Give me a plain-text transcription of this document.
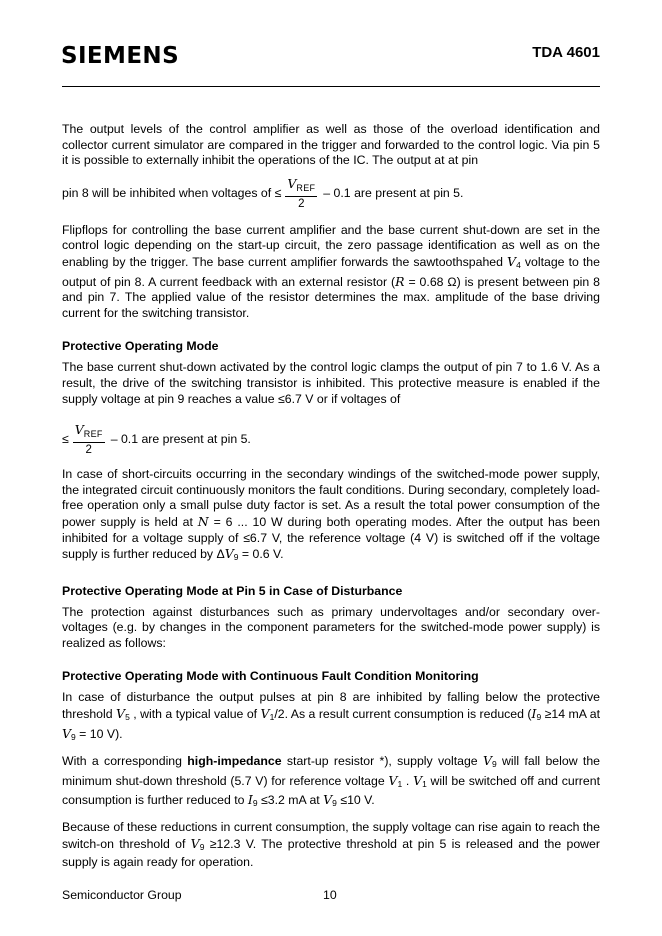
SIEMENS	TDA 4601

The output levels of the control amplifier as well as those of the overload identification and collector current simulator are compared in the trigger and forwarded to the control logic. Via pin 5 it is possible to externally inhibit the operations of the IC. The output at at pin

pin 8 will be inhibited when voltages of ≤ $\frac{V_{REF}}{2} - 0.1$ are present at pin 5.

Flipflops for controlling the base current amplifier and the base current shut-down are set in the control logic depending on the start-up circuit, the zero passage identification as well as on the enabling by the trigger. The base current amplifier forwards the sawtoothspahed $V_4$ voltage to the output of pin 8. A current feedback with an external resistor (R = 0.68 Ω) is present between pin 8 and pin 7. The applied value of the resistor determines the max. amplitude of the base driving current for the switching transistor.

Protective Operating Mode

The base current shut-down activated by the control logic clamps the output of pin 7 to 1.6 V. As a result, the drive of the switching transistor is inhibited. This protective measure is enabled if the supply voltage at pin 9 reaches a value ≤6.7 V or if voltages of

≤ $\frac{V_{REF}}{2} - 0.1$ are present at pin 5.

In case of short-circuits occurring in the secondary windings of the switched-mode power supply, the integrated circuit continuously monitors the fault conditions. During secondary, completely load-free operation only a small pulse duty factor is set. As a result the total power consumption of the power supply is held at N = 6 ... 10 W during both operating modes. After the output has been inhibited for a voltage supply of ≤6.7 V, the reference voltage (4 V) is switched off if the voltage supply is further reduced by $\Delta V_9 = 0.6$ V.

Protective Operating Mode at Pin 5 in Case of Disturbance

The protection against disturbances such as primary undervoltages and/or secondary over-voltages (e.g. by changes in the component parameters for the switched-mode power supply) is realized as follows:

Protective Operating Mode with Continuous Fault Condition Monitoring

In case of disturbance the output pulses at pin 8 are inhibited by falling below the protective threshold $V_5$ , with a typical value of $V_1/2$. As a result current consumption is reduced ($I_9 \ge 14$ mA at $V_9 = 10$ V).

With a corresponding high-impedance start-up resistor *), supply voltage $V_9$ will fall below the minimum shut-down threshold (5.7 V) for reference voltage $V_1$ . $V_1$ will be switched off and current consumption is further reduced to $I_9 \le 3.2$ mA at $V_9 \le 10$ V.

Because of these reductions in current consumption, the supply voltage can rise again to reach the switch-on threshold of $V_9 \ge 12.3$ V. The protective threshold at pin 5 is released and the power supply is again ready for operation.

Semiconductor Group	10
